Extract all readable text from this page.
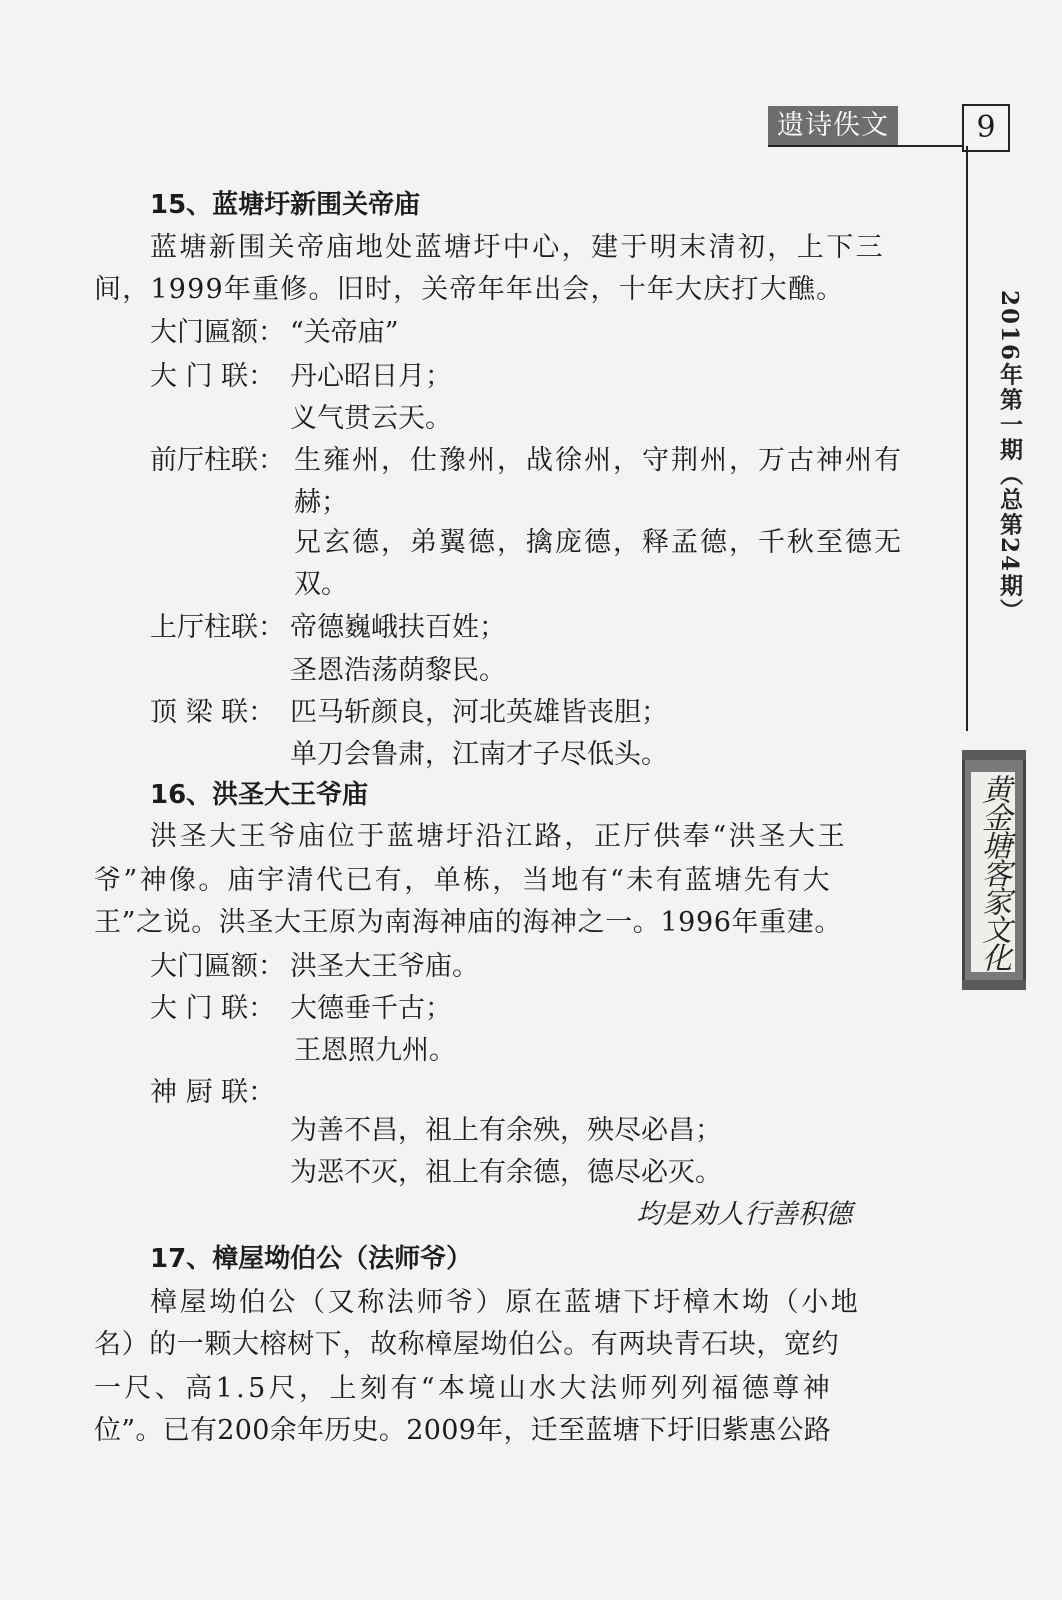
遗诗佚文	9
2016年第一期（总第24期）
黄金塘客家文化
15、蓝塘圩新围关帝庙
蓝塘新围关帝庙地处蓝塘圩中心，建于明末清初，上下三
间，1999年重修。旧时，关帝年年出会，十年大庆打大醮。
大门匾额： “关帝庙”
大 门 联： 丹心昭日月；
义气贯云天。
前厅柱联： 生雍州，仕豫州，战徐州，守荆州，万古神州有
赫；
兄玄德，弟翼德，擒庞德，释孟德，千秋至德无
双。
上厅柱联： 帝德巍峨扶百姓；
圣恩浩荡荫黎民。
顶 梁 联： 匹马斩颜良，河北英雄皆丧胆；
单刀会鲁肃，江南才子尽低头。
16、洪圣大王爷庙
洪圣大王爷庙位于蓝塘圩沿江路，正厅供奉“洪圣大王
爷”神像。庙宇清代已有，单栋，当地有“未有蓝塘先有大
王”之说。洪圣大王原为南海神庙的海神之一。1996年重建。
大门匾额： 洪圣大王爷庙。
大 门 联： 大德垂千古；
王恩照九州。
神 厨 联：
为善不昌，祖上有余殃，殃尽必昌；
为恶不灭，祖上有余德，德尽必灭。
均是劝人行善积德
17、樟屋坳伯公（法师爷）
樟屋坳伯公（又称法师爷）原在蓝塘下圩樟木坳（小地
名）的一颗大榕树下，故称樟屋坳伯公。有两块青石块，宽约
一尺、高1.5尺，上刻有“本境山水大法师列列福德尊神
位”。已有200余年历史。2009年，迁至蓝塘下圩旧紫惠公路
